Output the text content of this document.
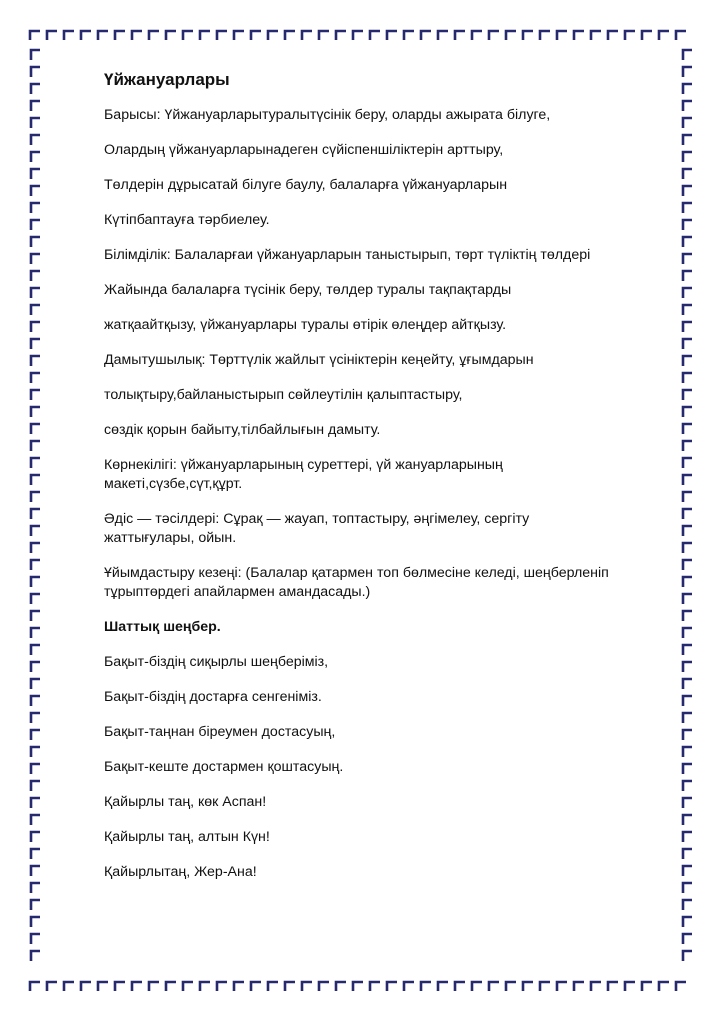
Үйжануарлары
Барысы: Үйжануарларытуралытүсінік беру, оларды ажырата білуге,
Олардың үйжануарларынадеген сүйіспеншіліктерін арттыру,
Төлдерін дұрысатай білуге баулу, балаларға үйжануарларын
Күтіпбаптауға тәрбиелеу.
Білімділік: Балаларғаи үйжануарларын таныстырып, төрт түліктің төлдері
Жайында балаларға түсінік беру, төлдер туралы тақпақтарды
жатқаайтқызу, үйжануарлары туралы өтірік өлеңдер айтқызу.
Дамытушылық: Төрттүлік жайлыт үсініктерін кеңейту, ұғымдарын
толықтыру,байланыстырып сөйлеутілін қалыптастыру,
сөздік қорын байыту,тілбайлығын дамыту.
Көрнекілігі: үйжануарларының суреттері, үй жануарларының
макеті,сүзбе,сүт,құрт.
Әдіс — тәсілдері: Сұрақ — жауап, топтастыру, әңгімелеу, сергіту
жаттығулары, ойын.
Ұйымдастыру кезеңі: (Балалар қатармен топ бөлмесіне келеді, шеңберленіп
тұрыптөрдегі апайлармен амандасады.)
Шаттық шеңбер.
Бақыт-біздің сиқырлы шеңберіміз,
Бақыт-біздің достарға сенгеніміз.
Бақыт-таңнан біреумен достасуың,
Бақыт-кеште достармен қоштасуың.
Қайырлы таң, көк Аспан!
Қайырлы таң, алтын Күн!
Қайырлытаң, Жер-Ана!
